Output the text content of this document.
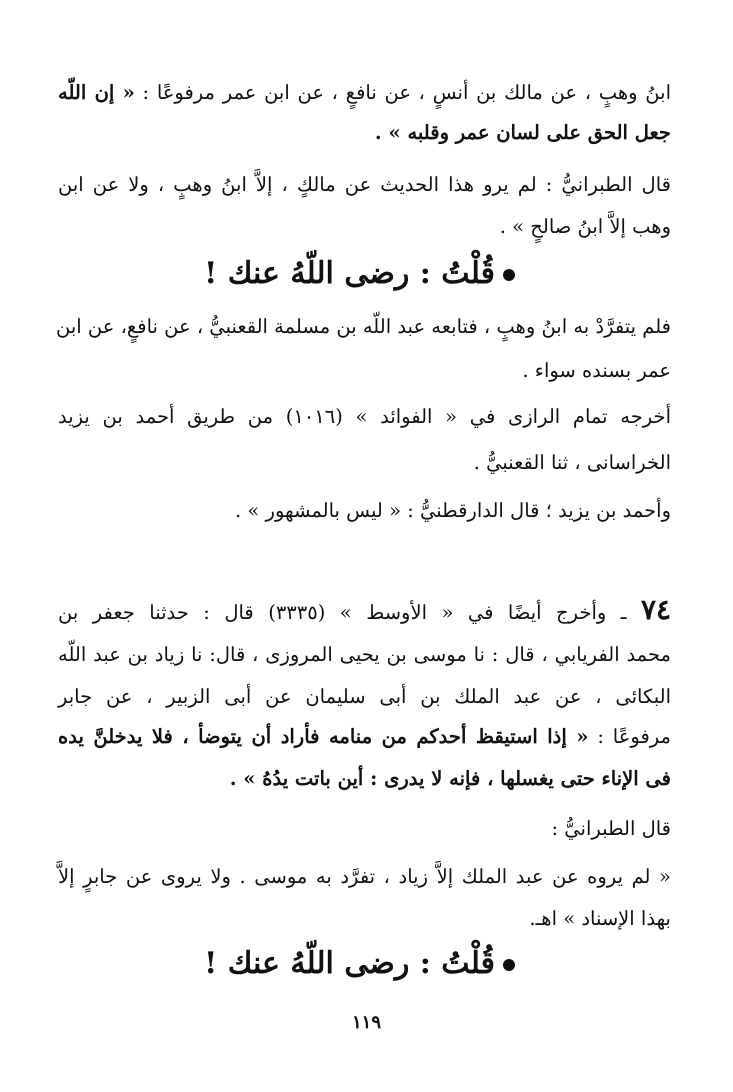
ابنُ وهبٍ ، عن مالك بن أنسٍ ، عن نافعٍ ، عن ابن عمر مرفوعًا : « إن اللّه
جعل الحق على لسان عمر وقلبه » .
قال الطبرانيُّ : لم يرو هذا الحديث عن مالكٍ ، إلاَّ ابنُ وهبٍ ، ولا عن ابن
وهب إلاَّ ابنُ صالحٍ » .
قُلْتُ : رضى اللّهُ عنك !
فلم يتفرَّدْ به ابنُ وهبٍ ، فتابعه عبد اللّه بن مسلمة القعنبيُّ ، عن نافعٍ، عن ابن
عمر بسنده سواء .
أخرجه تمام الرازى في « الفوائد » (١٠١٦) من طريق أحمد بن يزيد
الخراسانى ، ثنا القعنبيُّ .
وأحمد بن يزيد ؛ قال الدارقطنيُّ : « ليس بالمشهور » .
٧٤ ـ وأخرج أيضًا في « الأوسط » (٣٣٣٥) قال : حدثنا جعفر بن
محمد الفريابي ، قال : نا موسى بن يحيى المروزى ، قال: نا زياد بن عبد اللّه
البكائى ، عن عبد الملك بن أبى سليمان عن أبى الزبير ، عن جابر
مرفوعًا : « إذا استيقظ أحدكم من منامه فأراد أن يتوضأ ، فلا يدخلنَّ يده
فى الإناء حتى يغسلها ، فإنه لا يدرى : أين باتت يدُهُ » .
قال الطبرانيُّ :
« لم يروه عن عبد الملك إلاَّ زياد ، تفرَّد به موسى . ولا يروى عن جابرٍ إلاَّ
بهذا الإسناد » اهـ.
قُلْتُ : رضى اللّهُ عنك !
١١٩
